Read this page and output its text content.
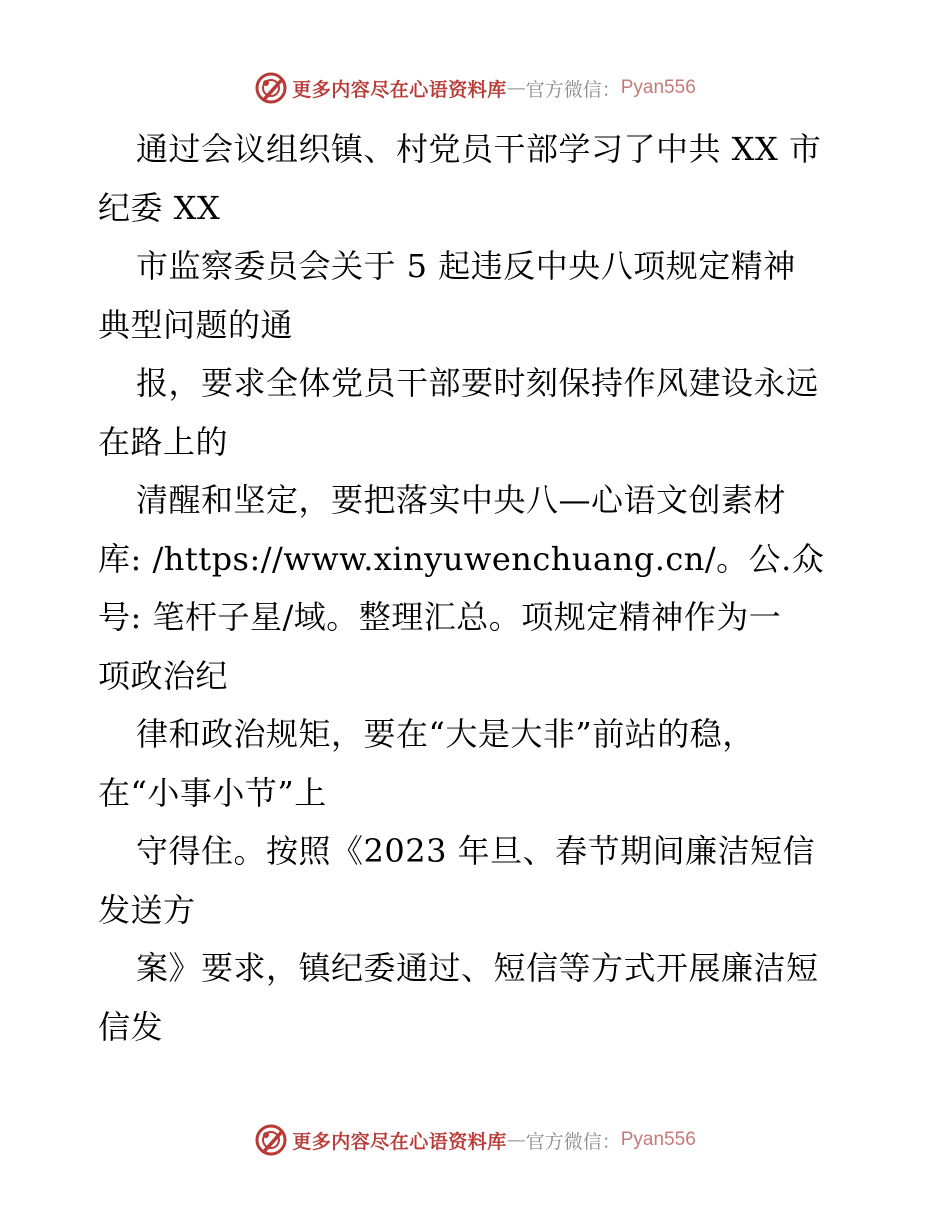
更多内容尽在心语资料库 — 官方微信： Pyan556
通过会议组织镇、村党员干部学习了中共 XX 市
纪委 XX
市监察委员会关于 5 起违反中央八项规定精神
典型问题的通
报，要求全体党员干部要时刻保持作风建设永远
在路上的
清醒和坚定，要把落实中央八—心语文创素材
库: /https://www.xinyuwenchuang.cn/。公.众
号: 笔杆子星/域。整理汇总。项规定精神作为一
项政治纪
律和政治规矩，要在“大是大非”前站的稳，
在“小事小节”上
守得住。按照《2023 年旦、春节期间廉洁短信
发送方
案》要求，镇纪委通过、短信等方式开展廉洁短
信发
更多内容尽在心语资料库 — 官方微信： Pyan556
